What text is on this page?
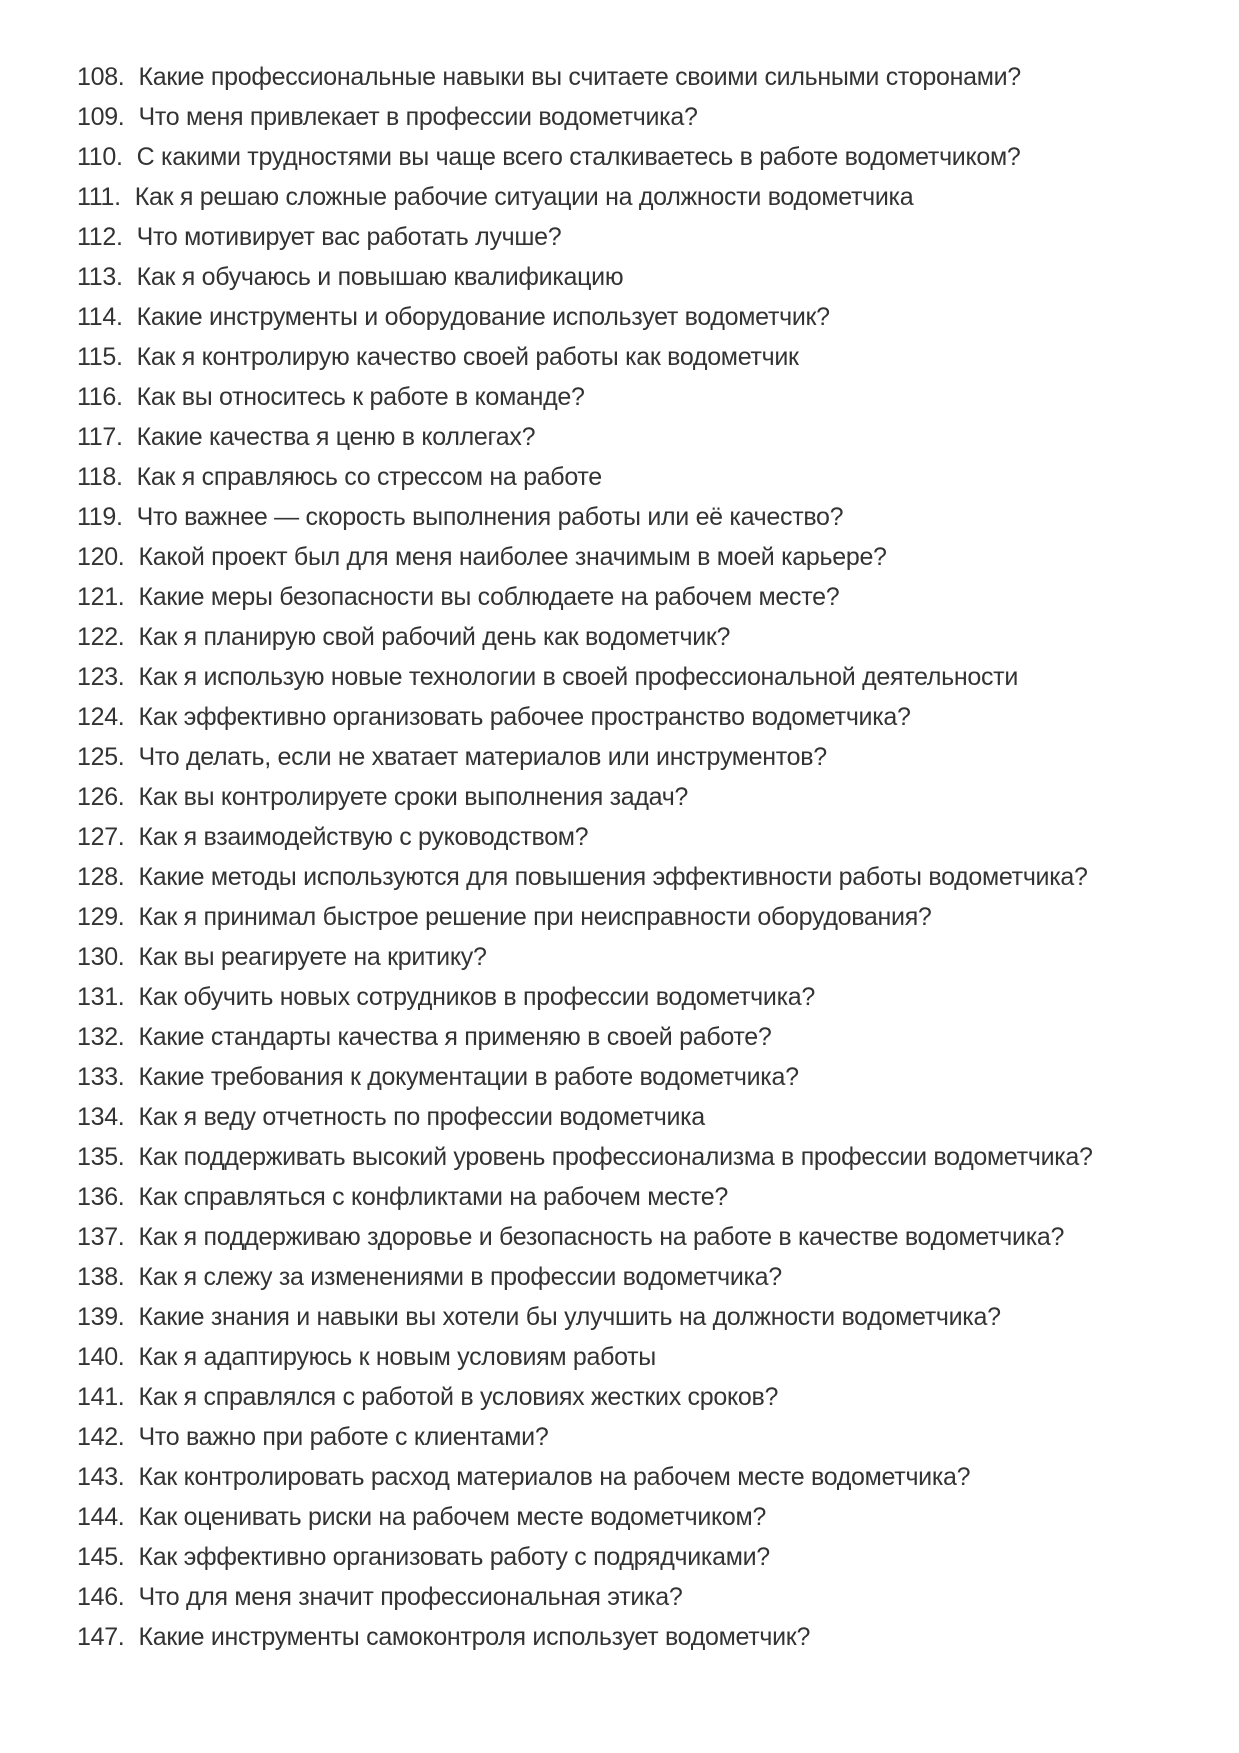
108. Какие профессиональные навыки вы считаете своими сильными сторонами?
109. Что меня привлекает в профессии водометчика?
110. С какими трудностями вы чаще всего сталкиваетесь в работе водометчиком?
111. Как я решаю сложные рабочие ситуации на должности водометчика
112. Что мотивирует вас работать лучше?
113. Как я обучаюсь и повышаю квалификацию
114. Какие инструменты и оборудование использует водометчик?
115. Как я контролирую качество своей работы как водометчик
116. Как вы относитесь к работе в команде?
117. Какие качества я ценю в коллегах?
118. Как я справляюсь со стрессом на работе
119. Что важнее — скорость выполнения работы или её качество?
120. Какой проект был для меня наиболее значимым в моей карьере?
121. Какие меры безопасности вы соблюдаете на рабочем месте?
122. Как я планирую свой рабочий день как водометчик?
123. Как я использую новые технологии в своей профессиональной деятельности
124. Как эффективно организовать рабочее пространство водометчика?
125. Что делать, если не хватает материалов или инструментов?
126. Как вы контролируете сроки выполнения задач?
127. Как я взаимодействую с руководством?
128. Какие методы используются для повышения эффективности работы водометчика?
129. Как я принимал быстрое решение при неисправности оборудования?
130. Как вы реагируете на критику?
131. Как обучить новых сотрудников в профессии водометчика?
132. Какие стандарты качества я применяю в своей работе?
133. Какие требования к документации в работе водометчика?
134. Как я веду отчетность по профессии водометчика
135. Как поддерживать высокий уровень профессионализма в профессии водометчика?
136. Как справляться с конфликтами на рабочем месте?
137. Как я поддерживаю здоровье и безопасность на работе в качестве водометчика?
138. Как я слежу за изменениями в профессии водометчика?
139. Какие знания и навыки вы хотели бы улучшить на должности водометчика?
140. Как я адаптируюсь к новым условиям работы
141. Как я справлялся с работой в условиях жестких сроков?
142. Что важно при работе с клиентами?
143. Как контролировать расход материалов на рабочем месте водометчика?
144. Как оценивать риски на рабочем месте водометчиком?
145. Как эффективно организовать работу с подрядчиками?
146. Что для меня значит профессиональная этика?
147. Какие инструменты самоконтроля использует водометчик?
